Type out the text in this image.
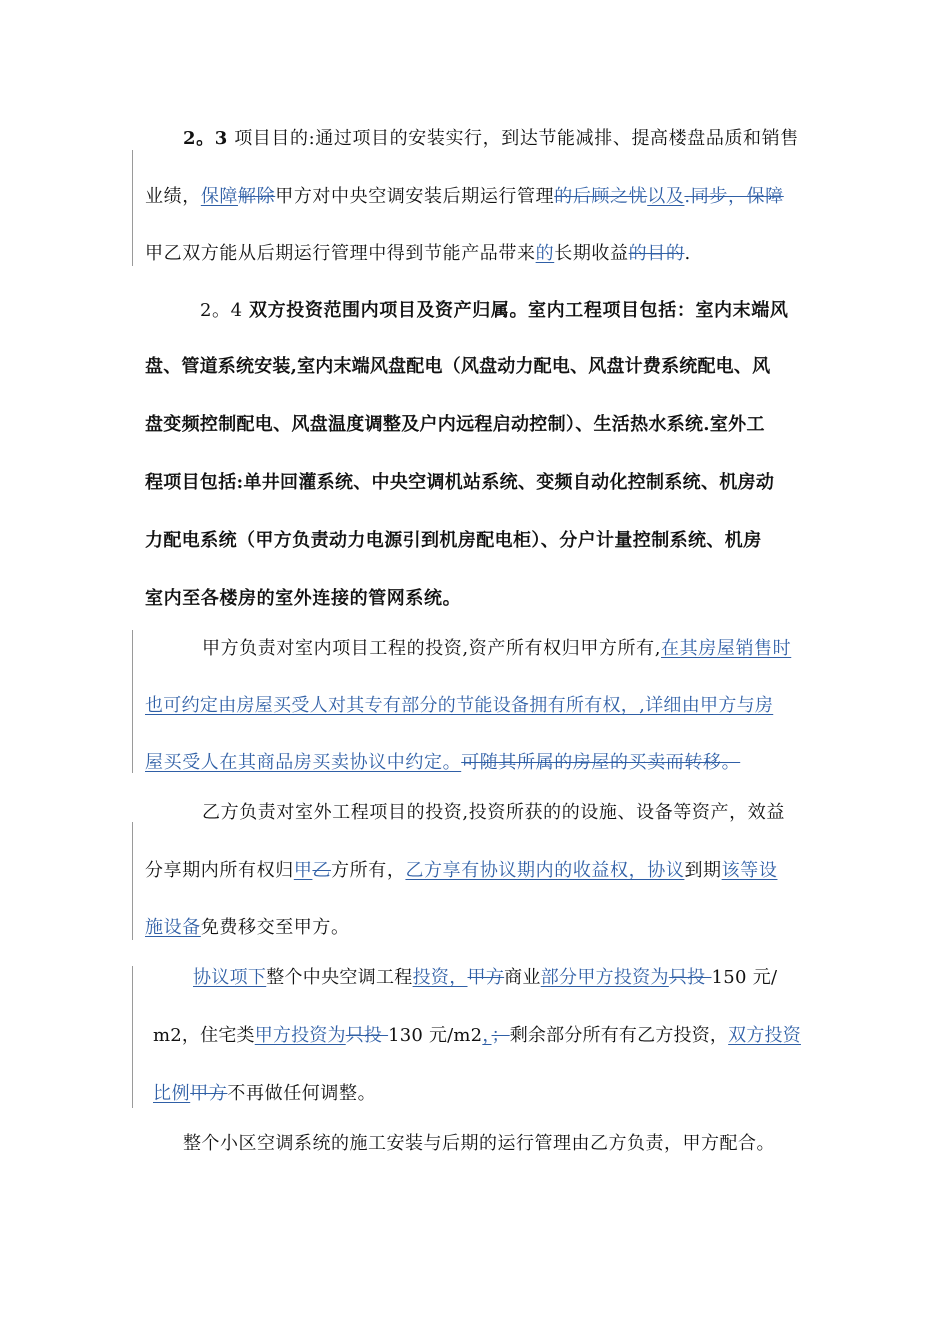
2。3 项目目的:通过项目的安装实行，到达节能减排、提高楼盘品质和销售
业绩，保障解除甲方对中央空调安装后期运行管理的后顾之忧以及.同步，保障
甲乙双方能从后期运行管理中得到节能产品带来的长期收益的目的.
2。4 双方投资范围内项目及资产归属。室内工程项目包括：室内末端风
盘、管道系统安装,室内末端风盘配电（风盘动力配电、风盘计费系统配电、风
盘变频控制配电、风盘温度调整及户内远程启动控制）、生活热水系统.室外工
程项目包括:单井回灌系统、中央空调机站系统、变频自动化控制系统、机房动
力配电系统（甲方负责动力电源引到机房配电柜）、分户计量控制系统、机房
室内至各楼房的室外连接的管网系统。
甲方负责对室内项目工程的投资,资产所有权归甲方所有,在其房屋销售时
也可约定由房屋买受人对其专有部分的节能设备拥有所有权，,详细由甲方与房
屋买受人在其商品房买卖协议中约定。可随其所属的房屋的买卖而转移。
乙方负责对室外工程项目的投资,投资所获的的设施、设备等资产，效益
分享期内所有权归甲乙方所有，乙方享有协议期内的收益权，协议到期该等设
施设备免费移交至甲方。
协议项下整个中央空调工程投资，甲方商业部分甲方投资为只投 150 元/
m2，住宅类甲方投资为只投 130 元/m2，；剩余部分所有有乙方投资，双方投资
比例甲方不再做任何调整。
整个小区空调系统的施工安装与后期的运行管理由乙方负责，甲方配合。
